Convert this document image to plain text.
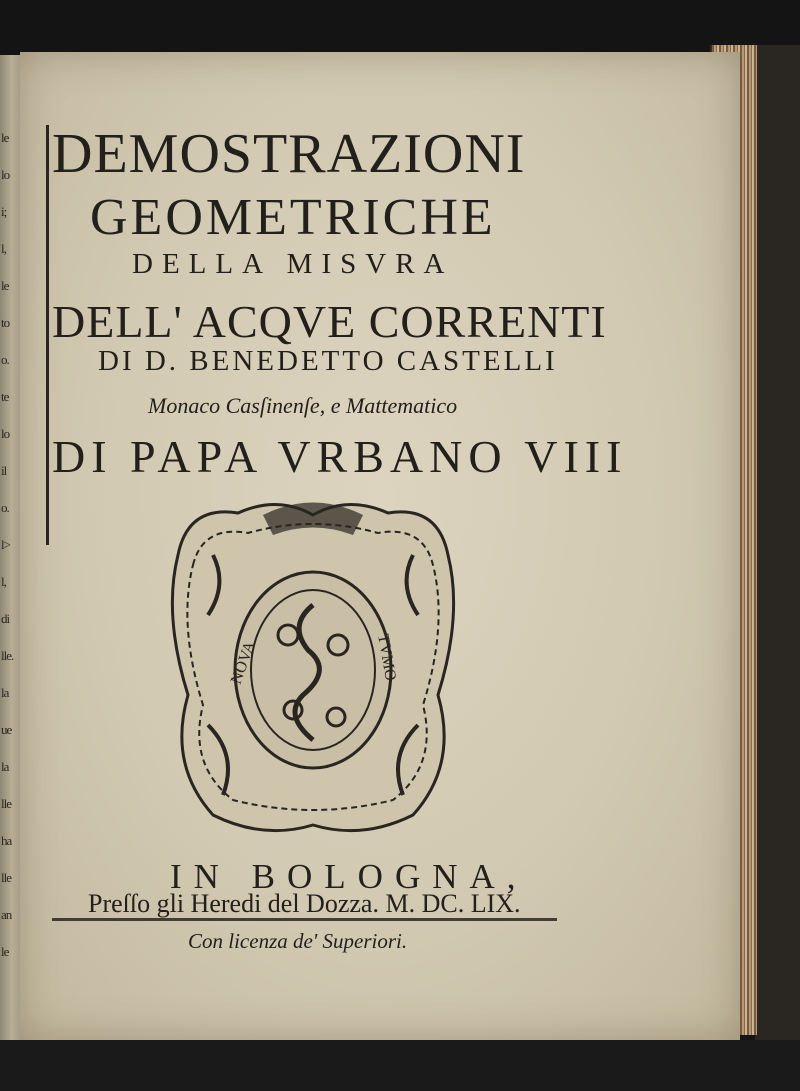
le
lo
i;
l,
le
to
o.
te
lo
il
o.
l>
l,
di
lle.
la
ue
la
lle
ha
lle
an
le
DEMOSTRAZIONI
GEOMETRICHE
DELLA MISVRA
DELL' ACQVE CORRENTI
DI D. BENEDETTO CASTELLI
Monaco Casſinenſe, e Mattematico
DI PAPA VRBANO VIII
NOVA	TVMO
IN BOLOGNA,
Preſſo gli Heredi del Dozza. M. DC. LIX.
Con licenza de' Superiori.
